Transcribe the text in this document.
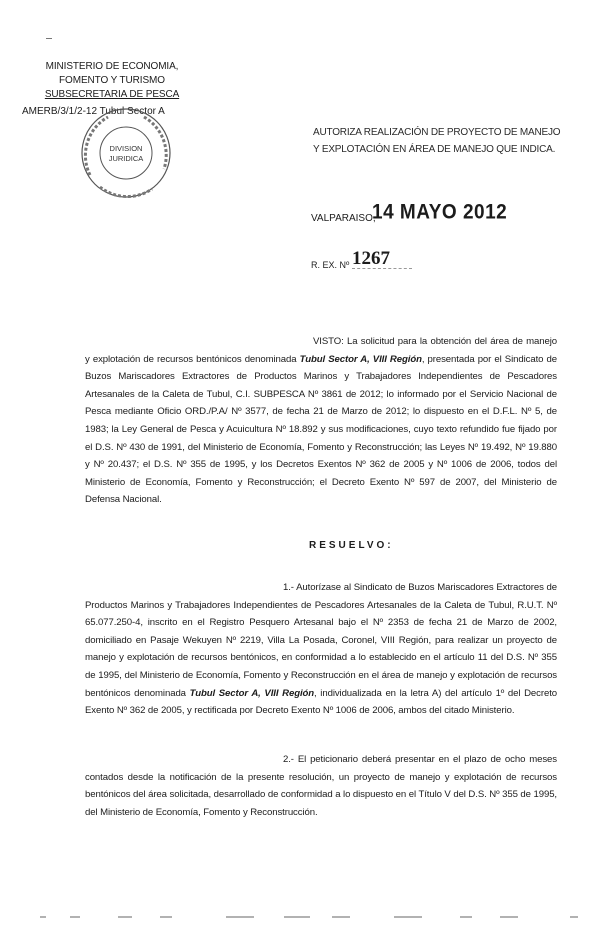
MINISTERIO DE ECONOMIA,
FOMENTO Y TURISMO
SUBSECRETARIA DE PESCA
AMERB/3/1/2-12 Tubul Sector A
DIVISION
JURIDICA
AUTORIZA REALIZACIÓN DE PROYECTO DE MANEJO
Y EXPLOTACIÓN EN ÁREA DE MANEJO QUE INDICA.
VALPARAISO,
14 MAYO 2012
R. EX. Nº 1267
VISTO: La solicitud para la obtención del área de manejo y explotación de recursos bentónicos denominada Tubul Sector A, VIII Región, presentada por el Sindicato de Buzos Mariscadores Extractores de Productos Marinos y Trabajadores Independientes de Pescadores Artesanales de la Caleta de Tubul, C.I. SUBPESCA Nº 3861 de 2012; lo informado por el Servicio Nacional de Pesca mediante Oficio ORD./P.A/ Nº 3577, de fecha 21 de Marzo de 2012; lo dispuesto en el D.F.L. Nº 5, de 1983; la Ley General de Pesca y Acuicultura Nº 18.892 y sus modificaciones, cuyo texto refundido fue fijado por el D.S. Nº 430 de 1991, del Ministerio de Economía, Fomento y Reconstrucción; las Leyes Nº 19.492, Nº 19.880 y Nº 20.437; el D.S. Nº 355 de 1995, y los Decretos Exentos Nº 362 de 2005 y Nº 1006 de 2006, todos del Ministerio de Economía, Fomento y Reconstrucción; el Decreto Exento Nº 597 de 2007, del Ministerio de Defensa Nacional.
RESUELVO:
1.- Autorízase al Sindicato de Buzos Mariscadores Extractores de Productos Marinos y Trabajadores Independientes de Pescadores Artesanales de la Caleta de Tubul, R.U.T. Nº 65.077.250-4, inscrito en el Registro Pesquero Artesanal bajo el Nº 2353 de fecha 21 de Marzo de 2002, domiciliado en Pasaje Wekuyen Nº 2219, Villa La Posada, Coronel, VIII Región, para realizar un proyecto de manejo y explotación de recursos bentónicos, en conformidad a lo establecido en el artículo 11 del D.S. Nº 355 de 1995, del Ministerio de Economía, Fomento y Reconstrucción en el área de manejo y explotación de recursos bentónicos denominada Tubul Sector A, VIII Región, individualizada en la letra A) del artículo 1º del Decreto Exento Nº 362 de 2005, y rectificada por Decreto Exento Nº 1006 de 2006, ambos del citado Ministerio.
2.- El peticionario deberá presentar en el plazo de ocho meses contados desde la notificación de la presente resolución, un proyecto de manejo y explotación de recursos bentónicos del área solicitada, desarrollado de conformidad a lo dispuesto en el Título V del D.S. Nº 355 de 1995, del Ministerio de Economía, Fomento y Reconstrucción.
